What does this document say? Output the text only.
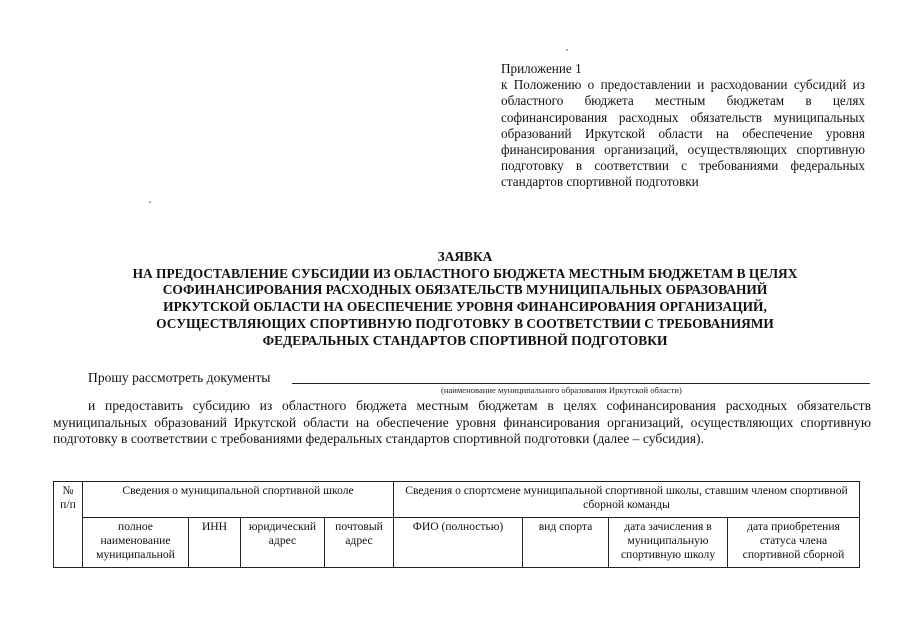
Приложение 1
к Положению о предоставлении и расходовании субсидий из областного бюджета местным бюджетам в целях софинансирования расходных обязательств муниципальных образований Иркутской области на обеспечение уровня финансирования организаций, осуществляющих спортивную подготовку в соответствии с требованиями федеральных стандартов спортивной подготовки
ЗАЯВКА
НА ПРЕДОСТАВЛЕНИЕ СУБСИДИИ ИЗ ОБЛАСТНОГО БЮДЖЕТА МЕСТНЫМ БЮДЖЕТАМ В ЦЕЛЯХ
СОФИНАНСИРОВАНИЯ РАСХОДНЫХ ОБЯЗАТЕЛЬСТВ МУНИЦИПАЛЬНЫХ ОБРАЗОВАНИЙ
ИРКУТСКОЙ ОБЛАСТИ НА ОБЕСПЕЧЕНИЕ УРОВНЯ ФИНАНСИРОВАНИЯ ОРГАНИЗАЦИЙ,
ОСУЩЕСТВЛЯЮЩИХ СПОРТИВНУЮ ПОДГОТОВКУ В СООТВЕТСТВИИ С ТРЕБОВАНИЯМИ
ФЕДЕРАЛЬНЫХ СТАНДАРТОВ СПОРТИВНОЙ ПОДГОТОВКИ
Прошу рассмотреть документы
(наименование муниципального образования Иркутской области)
и предоставить субсидию из областного бюджета местным бюджетам в целях софинансирования расходных обязательств муниципальных образований Иркутской области на обеспечение уровня финансирования организаций, осуществляющих спортивную подготовку в соответствии с требованиями федеральных стандартов спортивной подготовки (далее – субсидия).
№ п/п	Сведения о муниципальной спортивной школе				Сведения о спортсмене муниципальной спортивной школы, ставшим членом спортивной сборной команды			
	полное наименование муниципальной	ИНН	юридический адрес	почтовый адрес	ФИО (полностью)	вид спорта	дата зачисления в муниципальную спортивную школу	дата приобретения статуса члена спортивной сборной
